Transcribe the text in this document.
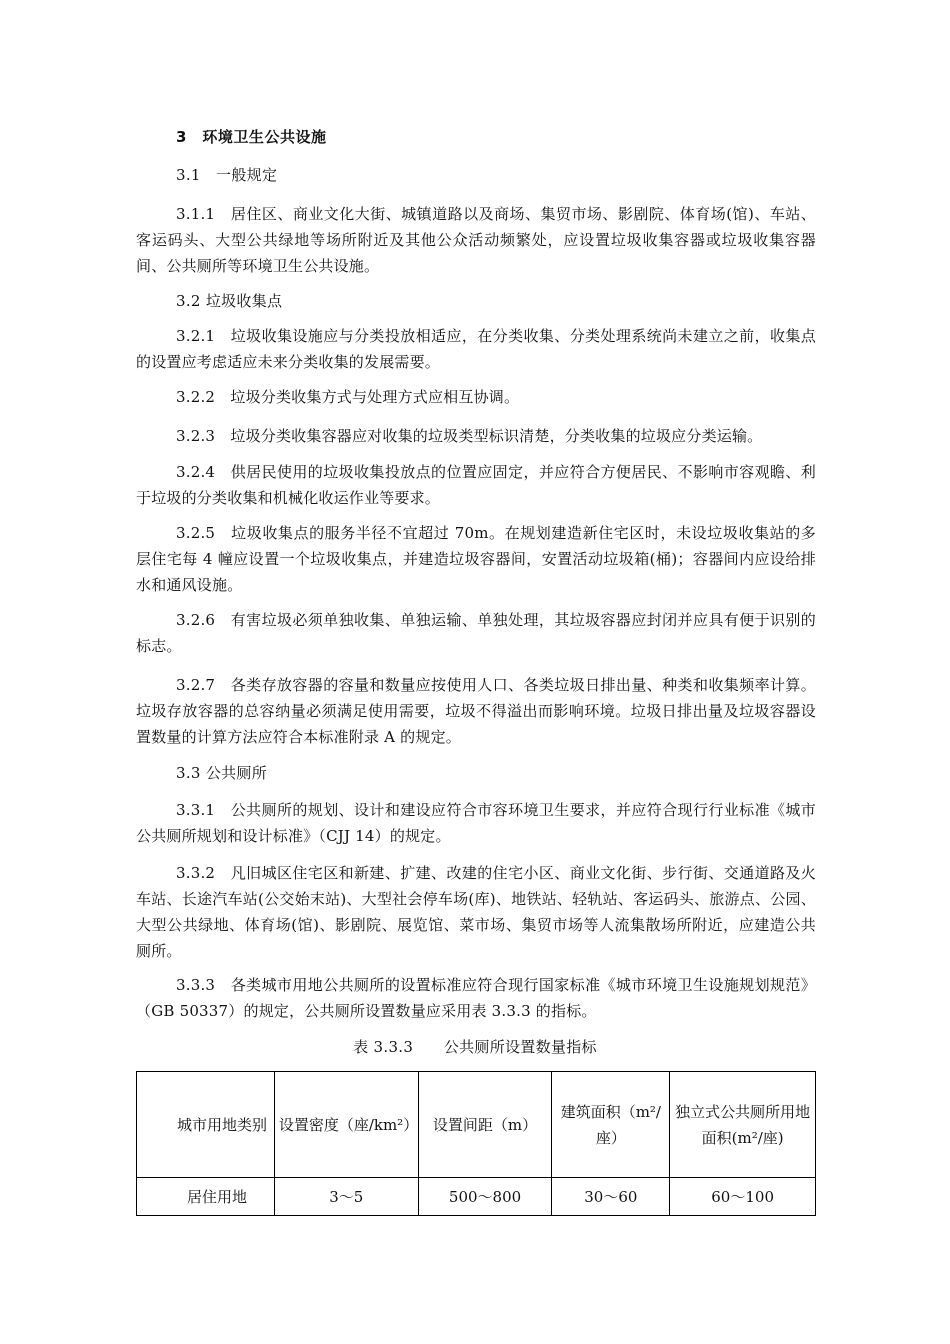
3　环境卫生公共设施
3.1　一般规定
3.1.1　居住区、商业文化大街、城镇道路以及商场、集贸市场、影剧院、体育场(馆)、车站、客运码头、大型公共绿地等场所附近及其他公众活动频繁处，应设置垃圾收集容器或垃圾收集容器间、公共厕所等环境卫生公共设施。
3.2 垃圾收集点
3.2.1　垃圾收集设施应与分类投放相适应，在分类收集、分类处理系统尚未建立之前，收集点的设置应考虑适应未来分类收集的发展需要。
3.2.2　垃圾分类收集方式与处理方式应相互协调。
3.2.3　垃圾分类收集容器应对收集的垃圾类型标识清楚，分类收集的垃圾应分类运输。
3.2.4　供居民使用的垃圾收集投放点的位置应固定，并应符合方便居民、不影响市容观瞻、利于垃圾的分类收集和机械化收运作业等要求。
3.2.5　垃圾收集点的服务半径不宜超过 70m。在规划建造新住宅区时，未设垃圾收集站的多层住宅每 4 幢应设置一个垃圾收集点，并建造垃圾容器间，安置活动垃圾箱(桶)；容器间内应设给排水和通风设施。
3.2.6　有害垃圾必须单独收集、单独运输、单独处理，其垃圾容器应封闭并应具有便于识别的标志。
3.2.7　各类存放容器的容量和数量应按使用人口、各类垃圾日排出量、种类和收集频率计算。垃圾存放容器的总容纳量必须满足使用需要，垃圾不得溢出而影响环境。垃圾日排出量及垃圾容器设置数量的计算方法应符合本标准附录 A 的规定。
3.3 公共厕所
3.3.1　公共厕所的规划、设计和建设应符合市容环境卫生要求，并应符合现行行业标准《城市公共厕所规划和设计标准》（CJJ 14）的规定。
3.3.2　凡旧城区住宅区和新建、扩建、改建的住宅小区、商业文化街、步行街、交通道路及火车站、长途汽车站(公交始末站)、大型社会停车场(库)、地铁站、轻轨站、客运码头、旅游点、公园、大型公共绿地、体育场(馆)、影剧院、展览馆、菜市场、集贸市场等人流集散场所附近，应建造公共厕所。
3.3.3　各类城市用地公共厕所的设置标准应符合现行国家标准《城市环境卫生设施规划规范》（GB 50337）的规定，公共厕所设置数量应采用表 3.3.3 的指标。
表 3.3.3　　公共厕所设置数量指标
城市用地类别	设置密度（座/km²）	设置间距（m）	建筑面积（m²/座）	独立式公共厕所用地面积(m²/座)
居住用地	3～5	500～800	30～60	60～100
